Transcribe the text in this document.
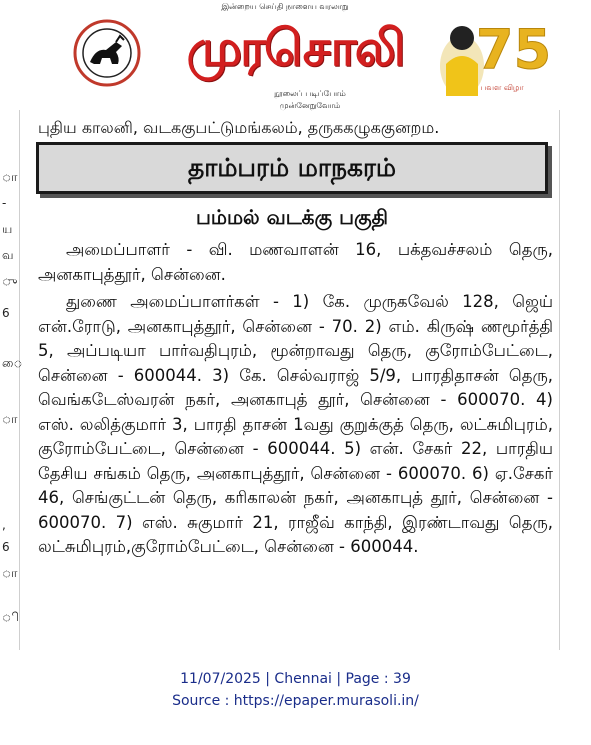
இன்றைய செய்தி நாளைய வரலாறு
முரசொலி
நூலைப் படிப்போம் முன்னேறுவோம்
75
பவள விழா
ா
-
ய
வ
ு
6
ை
ா
,
6
ா
ி
புதிய காலனி, வடககுபட்டுமங்கலம், தருககழுககுனறம.
தாம்பரம் மாநகரம்
பம்மல் வடக்கு பகுதி
அமைப்பாளர் - வி. மணவாளன் 16, பக்தவச்சலம் தெரு, அனகாபுத்தூர், சென்னை.
துணை அமைப்பாளர்கள் - 1) கே. முருகவேல் 128, ஜெய் என்.ரோடு, அனகாபுத்தூர், சென்னை - 70. 2) எம். கிருஷ் ணமூர்த்தி 5, அப்படியா பார்வதிபுரம், மூன்றாவது தெரு, குரோம்பேட்டை, சென்னை - 600044. 3) கே. செல்வராஜ் 5/9, பாரதிதாசன் தெரு, வெங்கடேஸ்வரன் நகர், அனகாபுத் தூர், சென்னை - 600070. 4) எஸ். லலித்குமார் 3, பாரதி தாசன் 1வது குறுக்குத் தெரு, லட்சுமிபுரம், குரோம்பேட்டை, சென்னை - 600044. 5) என். சேகர் 22, பாரதிய தேசிய சங்கம் தெரு, அனகாபுத்தூர், சென்னை - 600070. 6) ஏ.சேகர் 46, செங்குட்டன் தெரு, கரிகாலன் நகர், அனகாபுத் தூர், சென்னை - 600070. 7) எஸ். சுகுமார் 21, ராஜீவ் காந்தி, இரண்டாவது தெரு, லட்சுமிபுரம்,குரோம்பேட்டை, சென்னை - 600044.
11/07/2025 | Chennai | Page : 39
Source : https://epaper.murasoli.in/
